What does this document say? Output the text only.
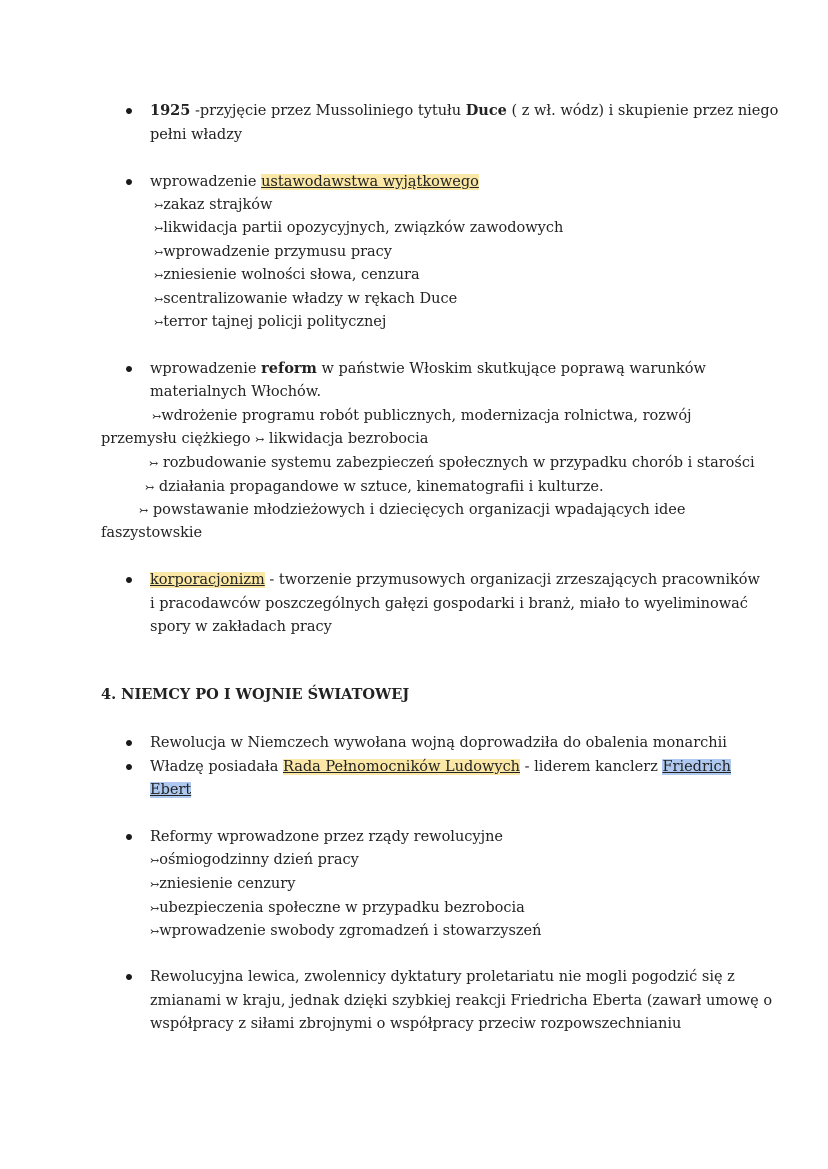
1925 -przyjęcie przez Mussoliniego tytułu Duce ( z wł. wódz) i skupienie przez niego
pełni władzy
wprowadzenie ustawodawstwa wyjątkowego
↣zakaz strajków
↣likwidacja partii opozycyjnych, związków zawodowych
↣wprowadzenie przymusu pracy
↣zniesienie wolności słowa, cenzura
↣scentralizowanie władzy w rękach Duce
↣terror tajnej policji politycznej
wprowadzenie reform w państwie Włoskim skutkujące poprawą warunków
materialnych Włochów.
↣wdrożenie programu robót publicznych, modernizacja rolnictwa, rozwój
przemysłu ciężkiego ↣ likwidacja bezrobocia
↣ rozbudowanie systemu zabezpieczeń społecznych w przypadku chorób i starości
↣ działania propagandowe w sztuce, kinematografii i kulturze.
↣ powstawanie młodzieżowych i dziecięcych organizacji wpadających idee
faszystowskie
korporacjonizm - tworzenie przymusowych organizacji zrzeszających pracowników
i pracodawców poszczególnych gałęzi gospodarki i branż, miało to wyeliminować
spory w zakładach pracy
4. NIEMCY PO I WOJNIE ŚWIATOWEJ
Rewolucja w Niemczech wywołana wojną doprowadziła do obalenia monarchii
Władzę posiadała Rada Pełnomocników Ludowych - liderem kanclerz Friedrich
Ebert
Reformy wprowadzone przez rządy rewolucyjne
↣ośmiogodzinny dzień pracy
↣zniesienie cenzury
↣ubezpieczenia społeczne w przypadku bezrobocia
↣wprowadzenie swobody zgromadzeń i stowarzyszeń
Rewolucyjna lewica, zwolennicy dyktatury proletariatu nie mogli pogodzić się z
zmianami w kraju, jednak dzięki szybkiej reakcji Friedricha Eberta (zawarł umowę o
współpracy z siłami zbrojnymi o współpracy przeciw rozpowszechnianiu
